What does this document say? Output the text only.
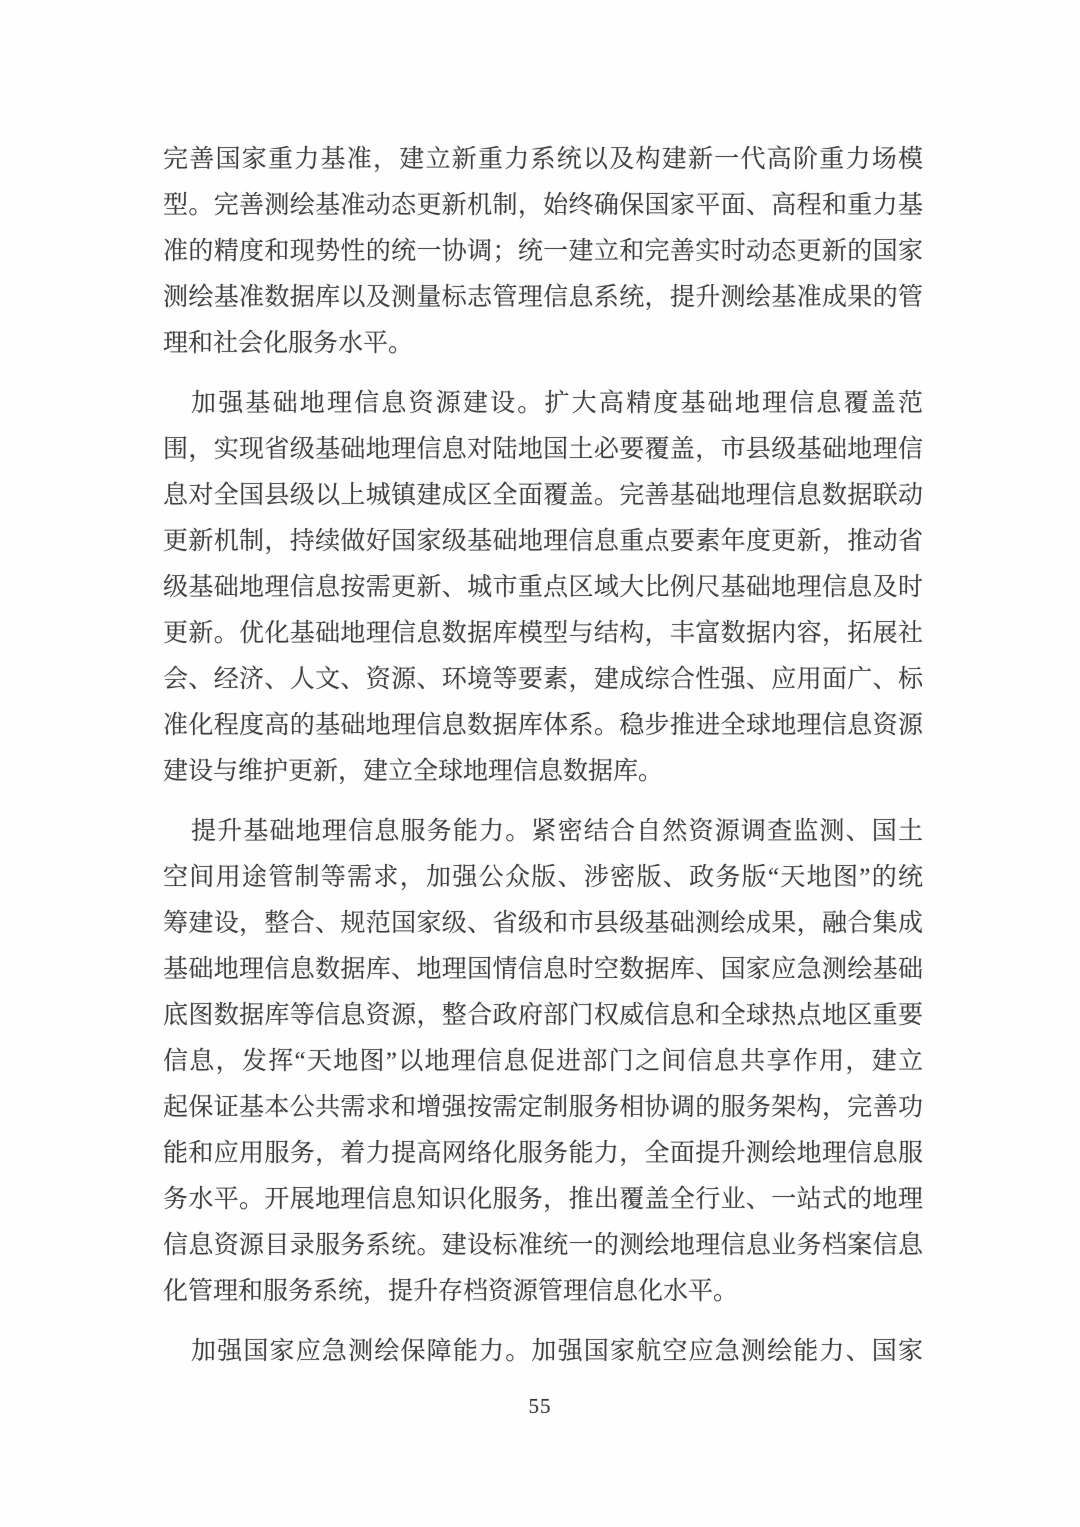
完善国家重力基准，建立新重力系统以及构建新一代高阶重力场模
型。完善测绘基准动态更新机制，始终确保国家平面、高程和重力基
准的精度和现势性的统一协调；统一建立和完善实时动态更新的国家
测绘基准数据库以及测量标志管理信息系统，提升测绘基准成果的管
理和社会化服务水平。
加强基础地理信息资源建设。扩大高精度基础地理信息覆盖范
围，实现省级基础地理信息对陆地国土必要覆盖，市县级基础地理信
息对全国县级以上城镇建成区全面覆盖。完善基础地理信息数据联动
更新机制，持续做好国家级基础地理信息重点要素年度更新，推动省
级基础地理信息按需更新、城市重点区域大比例尺基础地理信息及时
更新。优化基础地理信息数据库模型与结构，丰富数据内容，拓展社
会、经济、人文、资源、环境等要素，建成综合性强、应用面广、标
准化程度高的基础地理信息数据库体系。稳步推进全球地理信息资源
建设与维护更新，建立全球地理信息数据库。
提升基础地理信息服务能力。紧密结合自然资源调查监测、国土
空间用途管制等需求，加强公众版、涉密版、政务版“天地图”的统
筹建设，整合、规范国家级、省级和市县级基础测绘成果，融合集成
基础地理信息数据库、地理国情信息时空数据库、国家应急测绘基础
底图数据库等信息资源，整合政府部门权威信息和全球热点地区重要
信息，发挥“天地图”以地理信息促进部门之间信息共享作用，建立
起保证基本公共需求和增强按需定制服务相协调的服务架构，完善功
能和应用服务，着力提高网络化服务能力，全面提升测绘地理信息服
务水平。开展地理信息知识化服务，推出覆盖全行业、一站式的地理
信息资源目录服务系统。建设标准统一的测绘地理信息业务档案信息
化管理和服务系统，提升存档资源管理信息化水平。
加强国家应急测绘保障能力。加强国家航空应急测绘能力、国家
55
